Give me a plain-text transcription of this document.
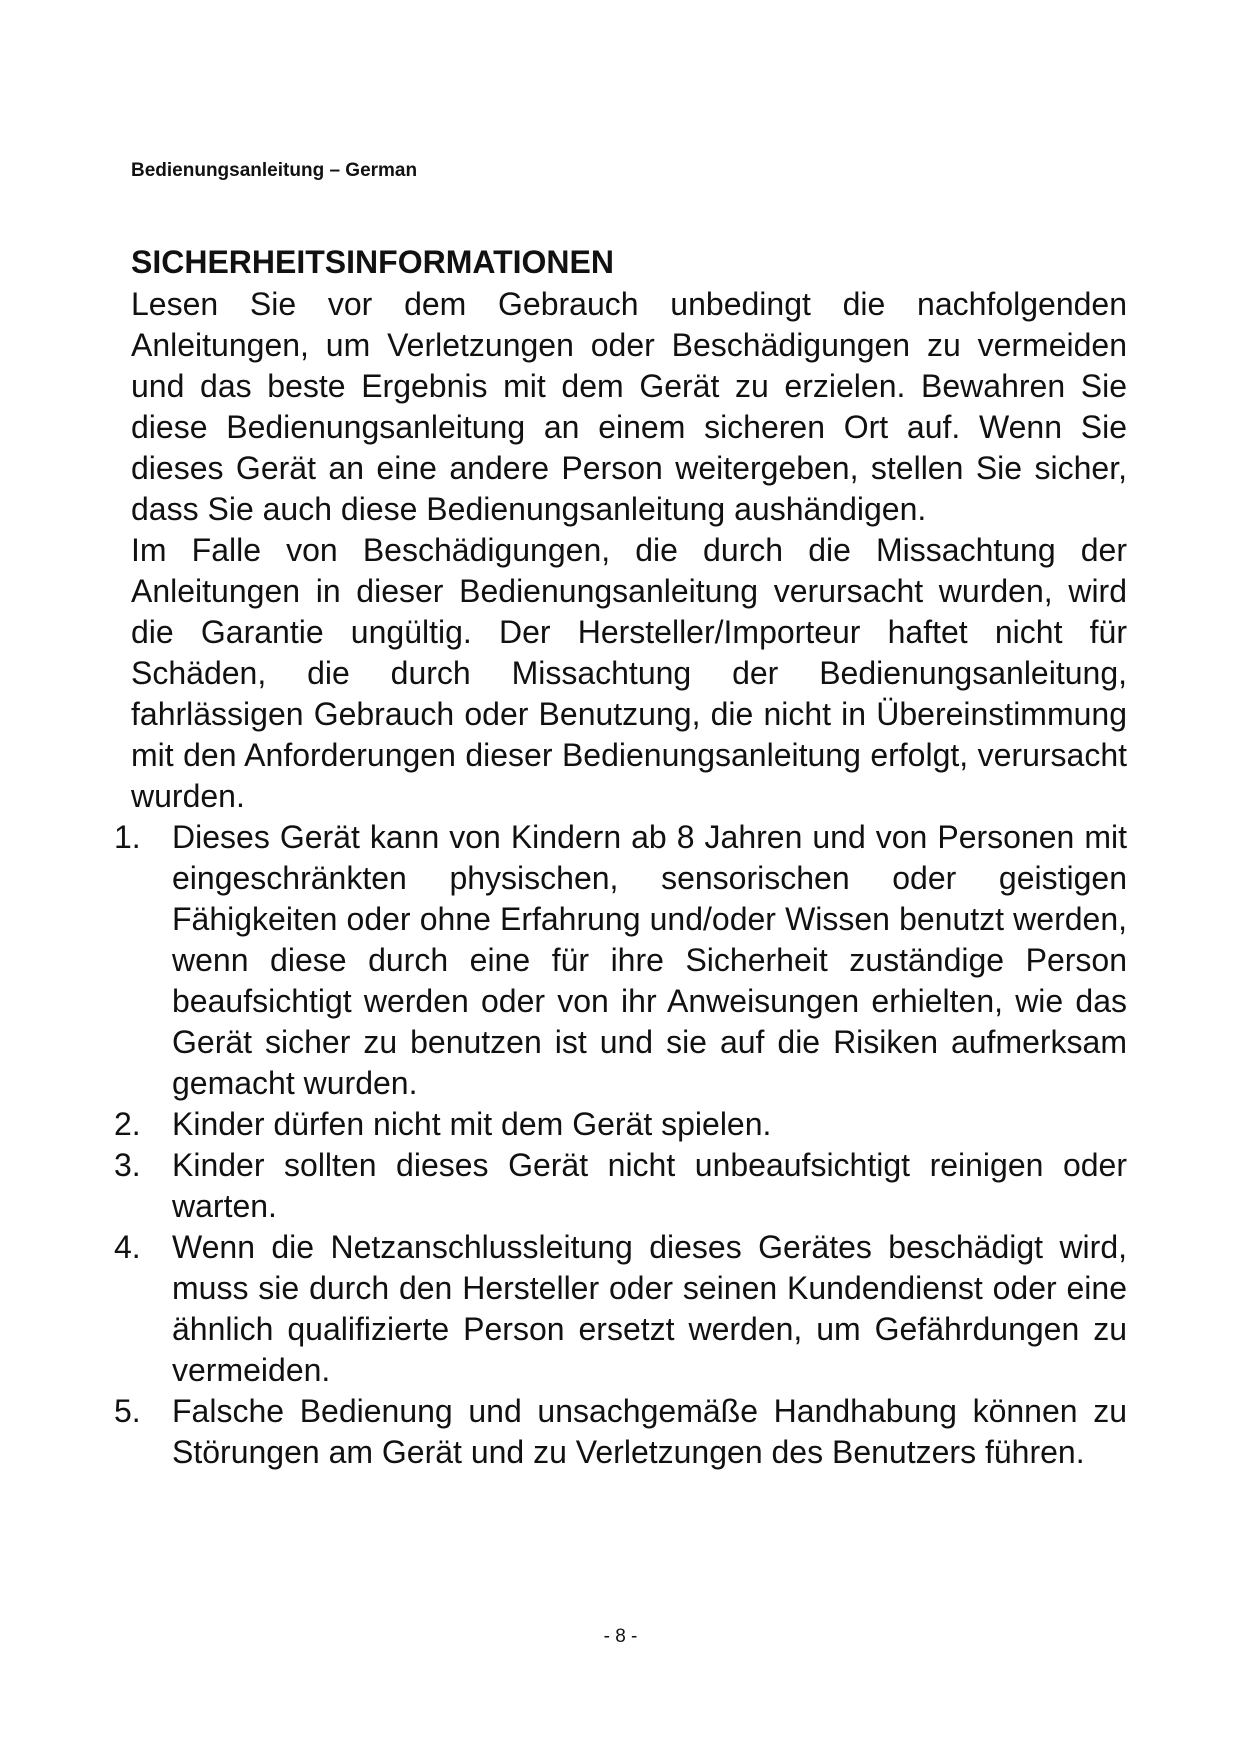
Bedienungsanleitung – German
SICHERHEITSINFORMATIONEN

Lesen Sie vor dem Gebrauch unbedingt die nachfolgenden Anleitungen, um Verletzungen oder Beschädigungen zu vermeiden und das beste Ergebnis mit dem Gerät zu erzielen. Bewahren Sie diese Bedienungsanleitung an einem sicheren Ort auf. Wenn Sie dieses Gerät an eine andere Person weitergeben, stellen Sie sicher, dass Sie auch diese Bedienungsanleitung aushändigen.

Im Falle von Beschädigungen, die durch die Missachtung der Anleitungen in dieser Bedienungsanleitung verursacht wurden, wird die Garantie ungültig. Der Hersteller/Importeur haftet nicht für Schäden, die durch Missachtung der Bedienungsanleitung, fahrlässigen Gebrauch oder Benutzung, die nicht in Übereinstimmung mit den Anforderungen dieser Bedienungsanleitung erfolgt, verursacht wurden.

1. Dieses Gerät kann von Kindern ab 8 Jahren und von Personen mit eingeschränkten physischen, sensorischen oder geistigen Fähigkeiten oder ohne Erfahrung und/oder Wissen benutzt werden, wenn diese durch eine für ihre Sicherheit zuständige Person beaufsichtigt werden oder von ihr Anweisungen erhielten, wie das Gerät sicher zu benutzen ist und sie auf die Risiken aufmerksam gemacht wurden.
2. Kinder dürfen nicht mit dem Gerät spielen.
3. Kinder sollten dieses Gerät nicht unbeaufsichtigt reinigen oder warten.
4. Wenn die Netzanschlussleitung dieses Gerätes beschädigt wird, muss sie durch den Hersteller oder seinen Kundendienst oder eine ähnlich qualifizierte Person ersetzt werden, um Gefährdungen zu vermeiden.
5. Falsche Bedienung und unsachgemäße Handhabung können zu Störungen am Gerät und zu Verletzungen des Benutzers führen.
- 8 -
